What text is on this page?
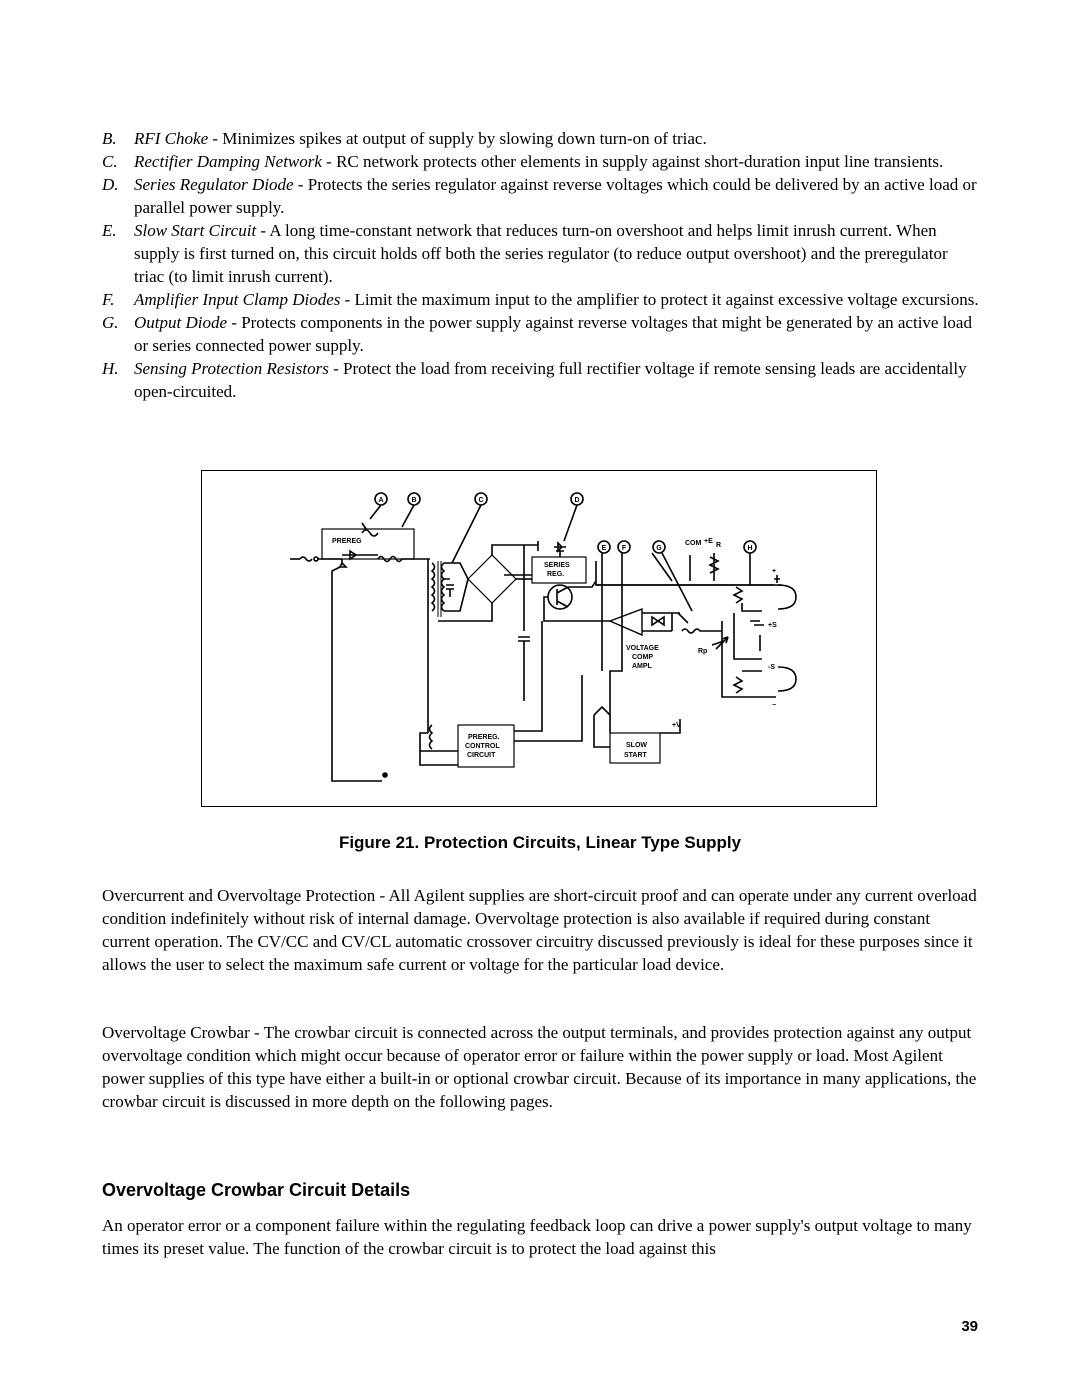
B. RFI Choke - Minimizes spikes at output of supply by slowing down turn-on of triac.
C. Rectifier Damping Network - RC network protects other elements in supply against short-duration input line transients.
D. Series Regulator Diode - Protects the series regulator against reverse voltages which could be delivered by an active load or parallel power supply.
E. Slow Start Circuit - A long time-constant network that reduces turn-on overshoot and helps limit inrush current. When supply is first turned on, this circuit holds off both the series regulator (to reduce output overshoot) and the preregulator triac (to limit inrush current).
F. Amplifier Input Clamp Diodes - Limit the maximum input to the amplifier to protect it against excessive voltage excursions.
G. Output Diode - Protects components in the power supply against reverse voltages that might be generated by an active load or series connected power supply.
H. Sensing Protection Resistors - Protect the load from receiving full rectifier voltage if remote sensing leads are accidentally open-circuited.
A	B	C	D
E F	G	H
PREREG
SERIES
REG.
COM +E
R
+
+S
-S
−
VOLTAGE
COMP
AMPL
Rp
PREREG.
CONTROL
CIRCUIT
SLOW
START
+V
Figure 21. Protection Circuits, Linear Type Supply

Overcurrent and Overvoltage Protection - All Agilent supplies are short-circuit proof and can operate under any current overload condition indefinitely without risk of internal damage. Overvoltage protection is also available if required during constant current operation. The CV/CC and CV/CL automatic crossover circuitry discussed previously is ideal for these purposes since it allows the user to select the maximum safe current or voltage for the particular load device.

Overvoltage Crowbar - The crowbar circuit is connected across the output terminals, and provides protection against any output overvoltage condition which might occur because of operator error or failure within the power supply or load. Most Agilent power supplies of this type have either a built-in or optional crowbar circuit. Because of its importance in many applications, the crowbar circuit is discussed in more depth on the following pages.

Overvoltage Crowbar Circuit Details

An operator error or a component failure within the regulating feedback loop can drive a power supply's output voltage to many times its preset value. The function of the crowbar circuit is to protect the load against this

39
